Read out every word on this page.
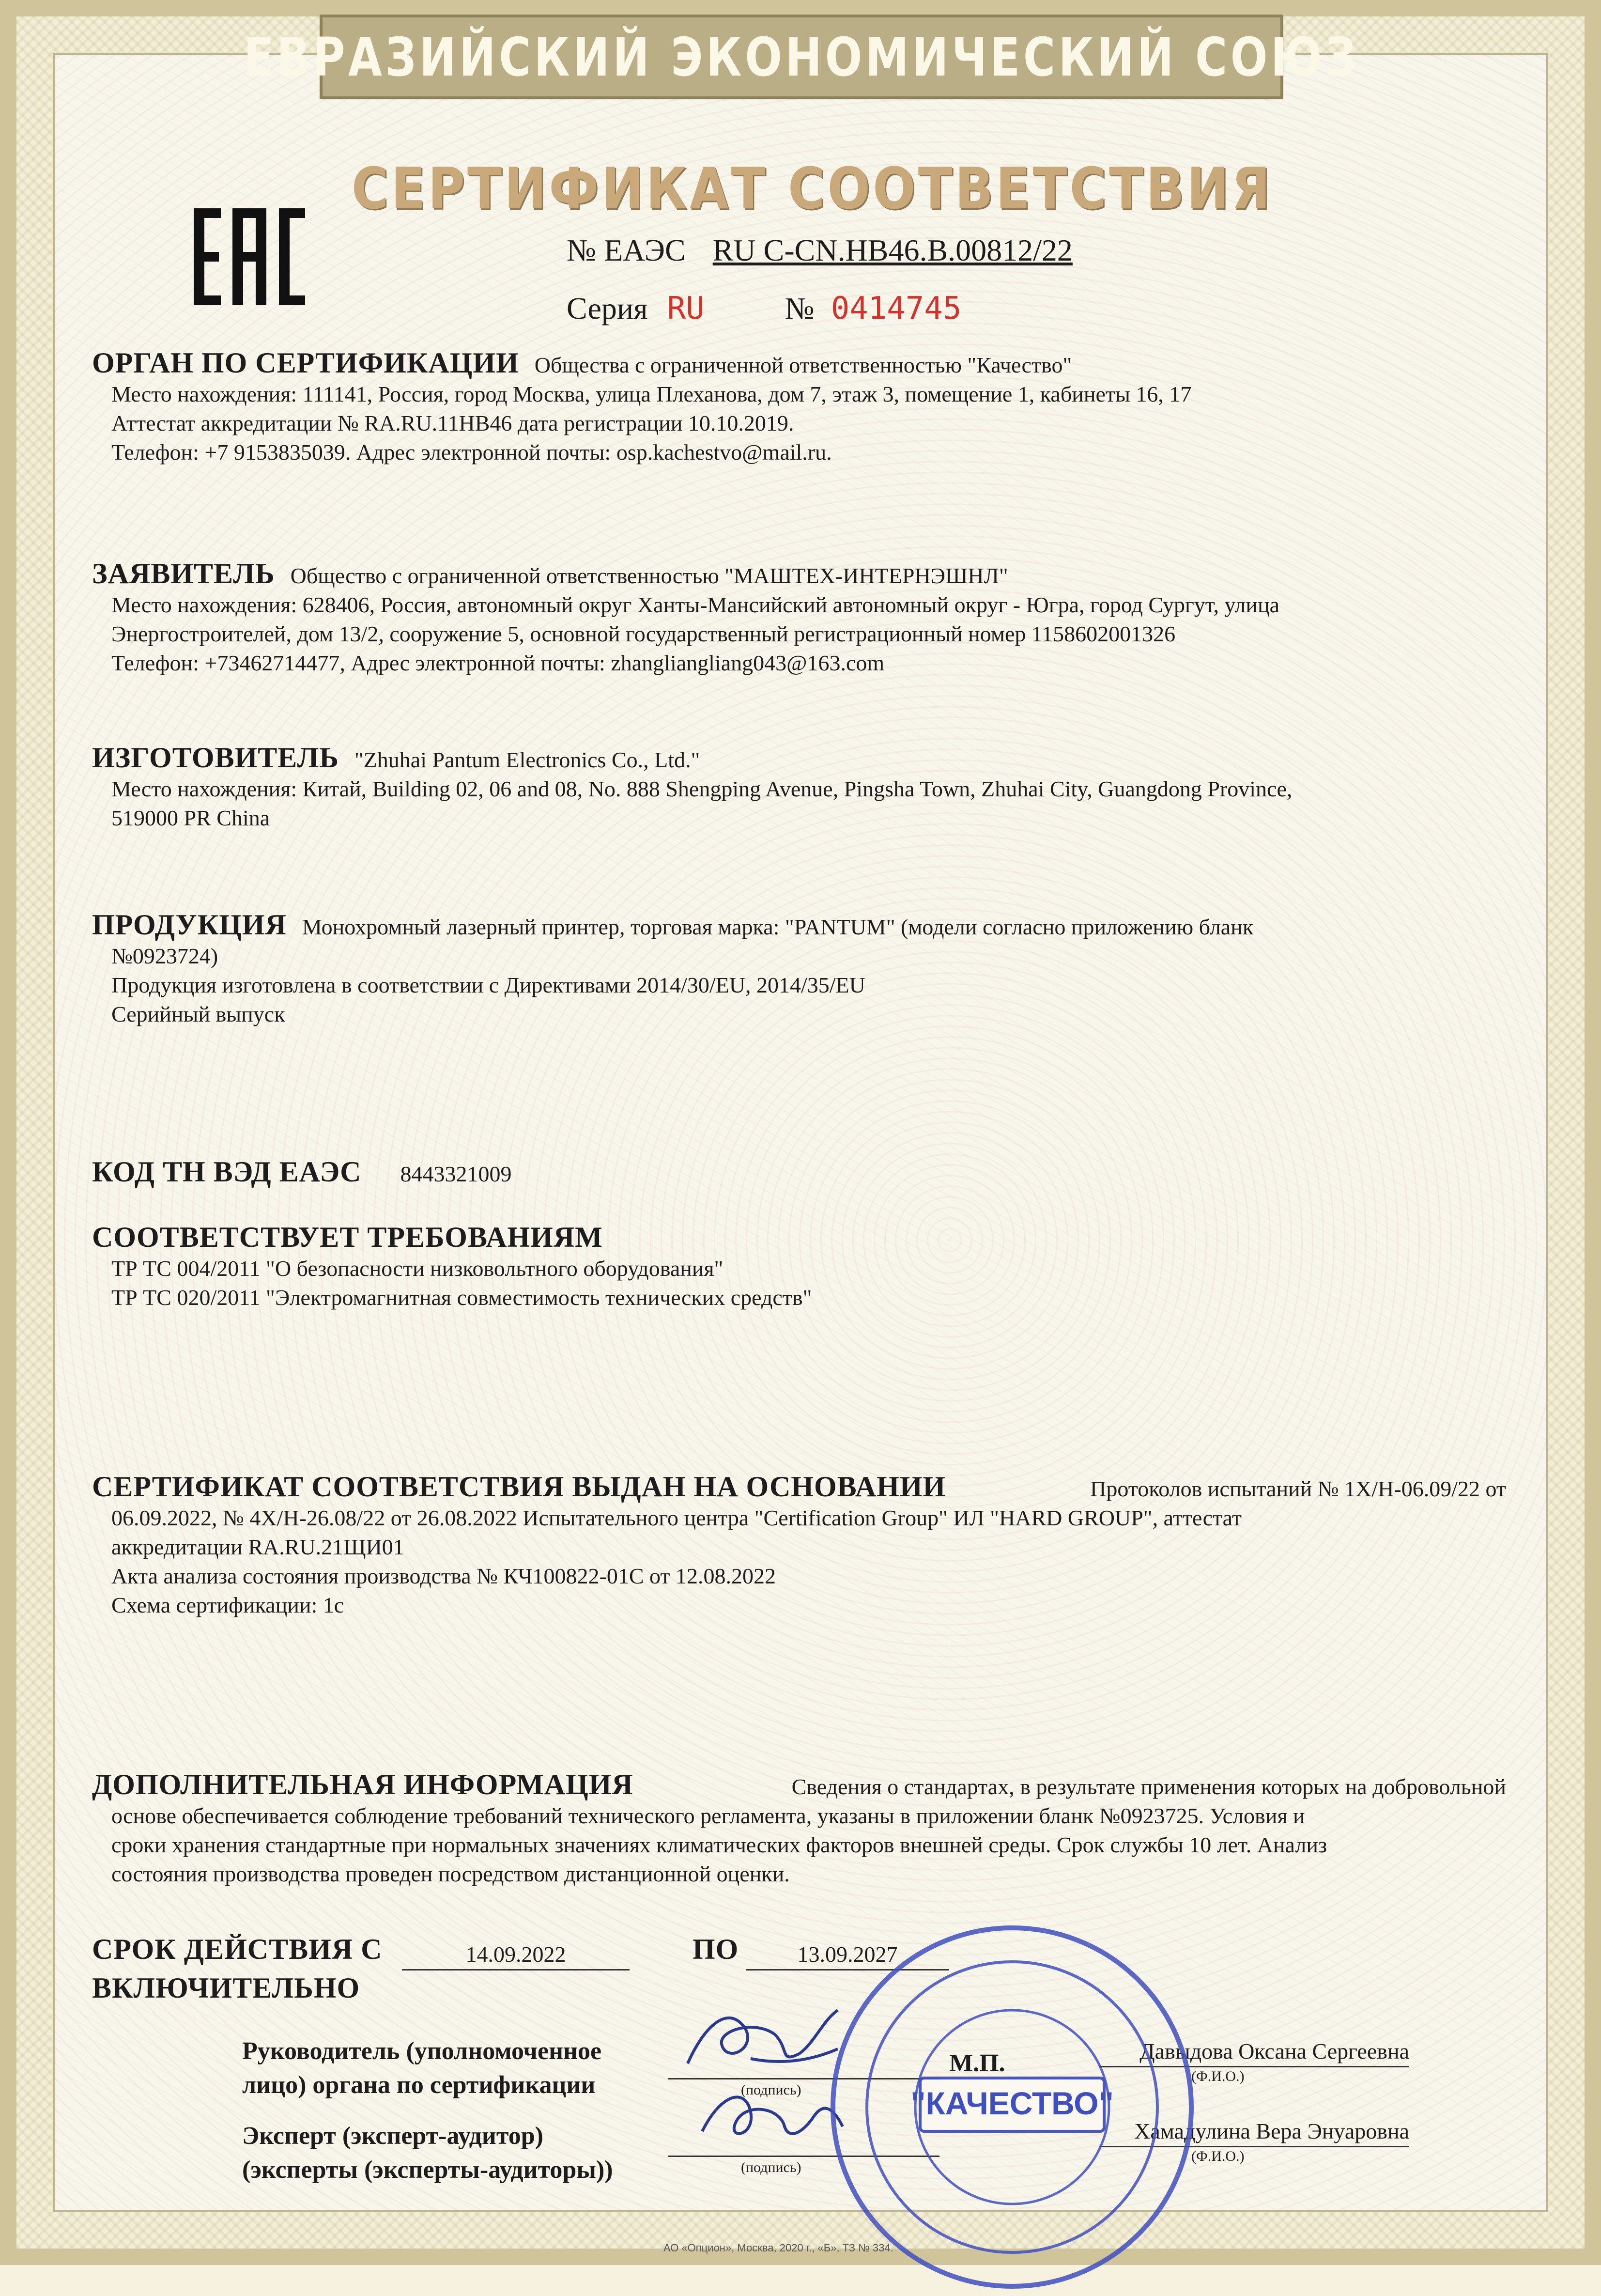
ЕВРАЗИЙСКИЙ ЭКОНОМИЧЕСКИЙ СОЮЗ
СЕРТИФИКАТ СООТВЕТСТВИЯ
№ ЕАЭС RU C-CN.НВ46.В.00812/22
Серия RU	№ 0414745
ОРГАН ПО СЕРТИФИКАЦИИ Общества с ограниченной ответственностью "Качество"
Место нахождения: 111141, Россия, город Москва, улица Плеханова, дом 7, этаж 3, помещение 1, кабинеты 16, 17
Аттестат аккредитации № RA.RU.11НВ46 дата регистрации 10.10.2019.
Телефон: +7 9153835039. Адрес электронной почты: osp.kachestvo@mail.ru.
ЗАЯВИТЕЛЬ Общество с ограниченной ответственностью "МАШТЕХ-ИНТЕРНЭШНЛ"
Место нахождения: 628406, Россия, автономный округ Ханты-Мансийский автономный округ - Югра, город Сургут, улица
Энергостроителей, дом 13/2, сооружение 5, основной государственный регистрационный номер 1158602001326
Телефон: +73462714477, Адрес электронной почты: zhangliangliang043@163.com
ИЗГОТОВИТЕЛЬ "Zhuhai Pantum Electronics Co., Ltd."
Место нахождения: Китай, Building 02, 06 and 08, No. 888 Shengping Avenue, Pingsha Town, Zhuhai City, Guangdong Province,
519000 PR China
ПРОДУКЦИЯ Монохромный лазерный принтер, торговая марка: "PANTUM" (модели согласно приложению бланк
№0923724)
Продукция изготовлена в соответствии с Директивами 2014/30/EU, 2014/35/EU
Серийный выпуск
КОД ТН ВЭД ЕАЭС 8443321009
СООТВЕТСТВУЕТ ТРЕБОВАНИЯМ
ТР ТС 004/2011 "О безопасности низковольтного оборудования"
ТР ТС 020/2011 "Электромагнитная совместимость технических средств"
СЕРТИФИКАТ СООТВЕТСТВИЯ ВЫДАН НА ОСНОВАНИИ	Протоколов испытаний № 1Х/Н-06.09/22 от
06.09.2022, № 4Х/Н-26.08/22 от 26.08.2022 Испытательного центра "Certification Group" ИЛ "HARD GROUP", аттестат
аккредитации RA.RU.21ЩИ01
Акта анализа состояния производства № КЧ100822-01С от 12.08.2022
Схема сертификации: 1с
ДОПОЛНИТЕЛЬНАЯ ИНФОРМАЦИЯ	Сведения о стандартах, в результате применения которых на добровольной
основе обеспечивается соблюдение требований технического регламента, указаны в приложении бланк №0923725. Условия и
сроки хранения стандартные при нормальных значениях климатических факторов внешней среды. Срок службы 10 лет. Анализ
состояния производства проведен посредством дистанционной оценки.
СРОК ДЕЙСТВИЯ С	14.09.2022	ПО	13.09.2027
ВКЛЮЧИТЕЛЬНО
Руководитель (уполномоченное
лицо) органа по сертификации
Эксперт (эксперт-аудитор)
(эксперты (эксперты-аудиторы))
(подпись)
(подпись)
М.П.	Давыдова Оксана Сергеевна
(Ф.И.О.)
Хамадулина Вера Энуаровна
(Ф.И.О.)
"КАЧЕСТВО"
АО «Опцион», Москва, 2020 г., «Б», ТЗ № 334.
